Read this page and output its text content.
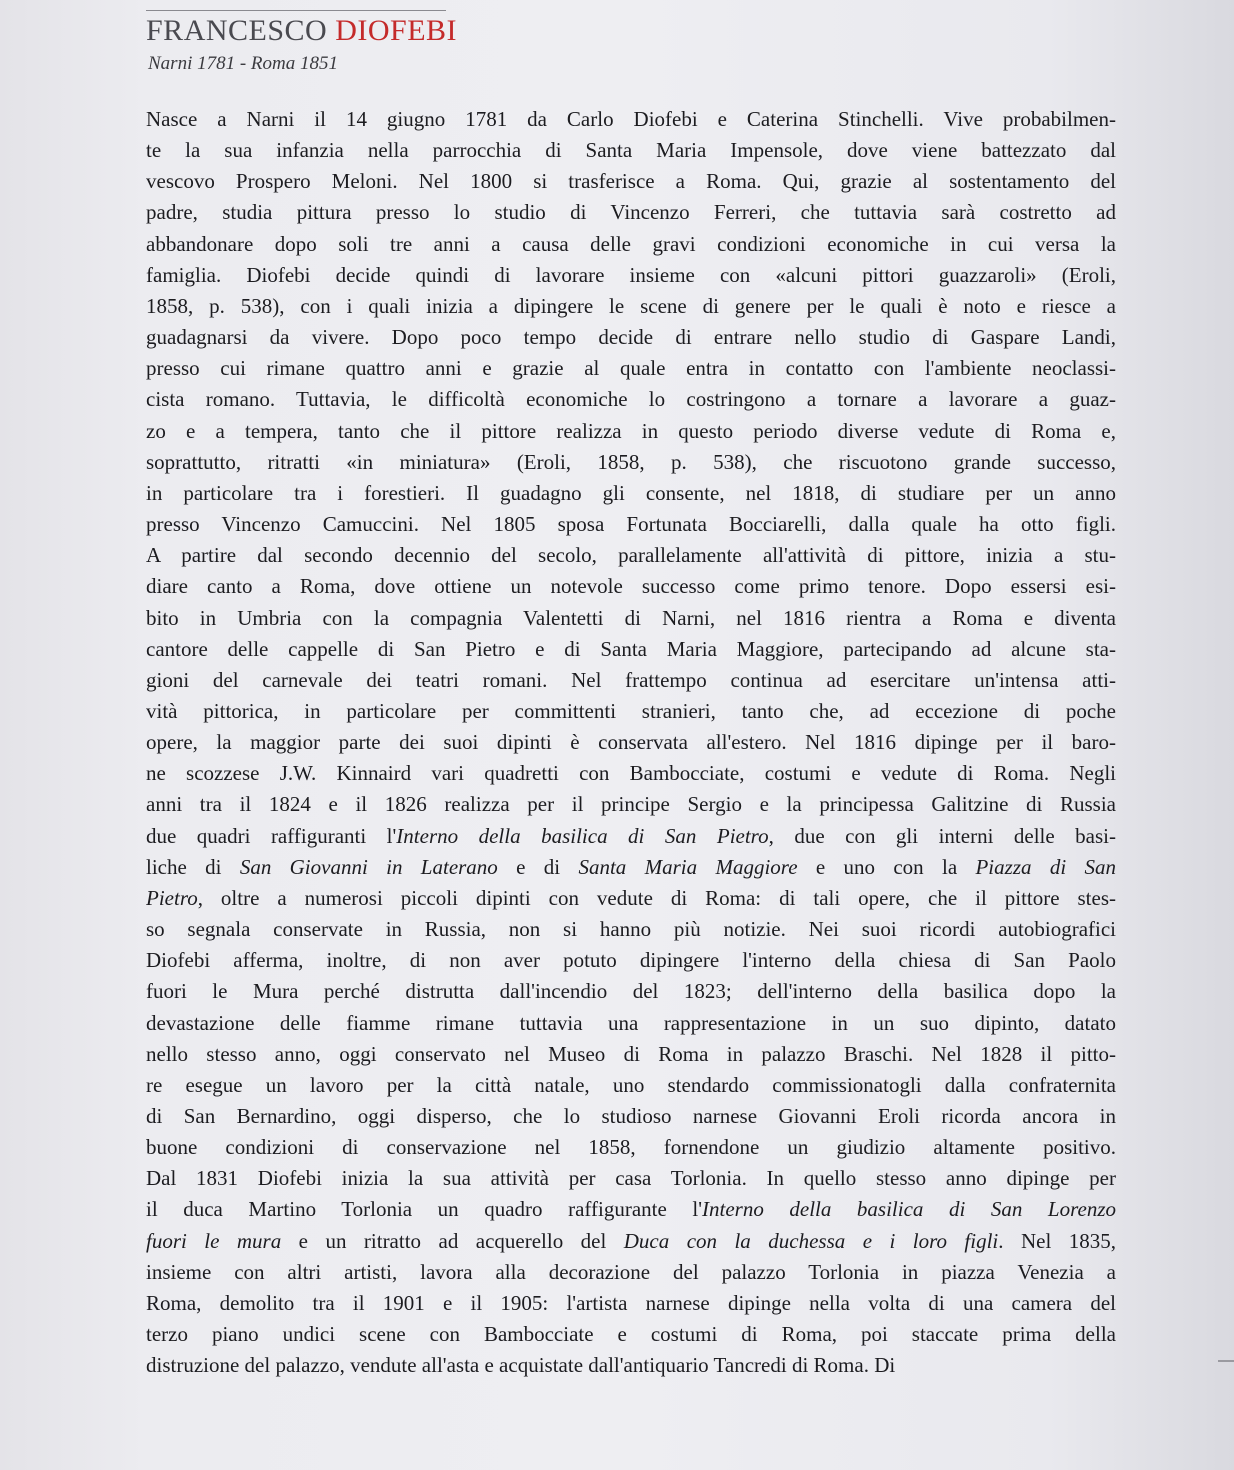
FRANCESCO DIOFEBI
Narni 1781 - Roma 1851
Nasce a Narni il 14 giugno 1781 da Carlo Diofebi e Caterina Stinchelli. Vive probabilmen-
te la sua infanzia nella parrocchia di Santa Maria Impensole, dove viene battezzato dal
vescovo Prospero Meloni. Nel 1800 si trasferisce a Roma. Qui, grazie al sostentamento del
padre, studia pittura presso lo studio di Vincenzo Ferreri, che tuttavia sarà costretto ad
abbandonare dopo soli tre anni a causa delle gravi condizioni economiche in cui versa la
famiglia. Diofebi decide quindi di lavorare insieme con «alcuni pittori guazzaroli» (Eroli,
1858, p. 538), con i quali inizia a dipingere le scene di genere per le quali è noto e riesce a
guadagnarsi da vivere. Dopo poco tempo decide di entrare nello studio di Gaspare Landi,
presso cui rimane quattro anni e grazie al quale entra in contatto con l'ambiente neoclassi-
cista romano. Tuttavia, le difficoltà economiche lo costringono a tornare a lavorare a guaz-
zo e a tempera, tanto che il pittore realizza in questo periodo diverse vedute di Roma e,
soprattutto, ritratti «in miniatura» (Eroli, 1858, p. 538), che riscuotono grande successo,
in particolare tra i forestieri. Il guadagno gli consente, nel 1818, di studiare per un anno
presso Vincenzo Camuccini. Nel 1805 sposa Fortunata Bocciarelli, dalla quale ha otto figli.
A partire dal secondo decennio del secolo, parallelamente all'attività di pittore, inizia a stu-
diare canto a Roma, dove ottiene un notevole successo come primo tenore. Dopo essersi esi-
bito in Umbria con la compagnia Valentetti di Narni, nel 1816 rientra a Roma e diventa
cantore delle cappelle di San Pietro e di Santa Maria Maggiore, partecipando ad alcune sta-
gioni del carnevale dei teatri romani. Nel frattempo continua ad esercitare un'intensa atti-
vità pittorica, in particolare per committenti stranieri, tanto che, ad eccezione di poche
opere, la maggior parte dei suoi dipinti è conservata all'estero. Nel 1816 dipinge per il baro-
ne scozzese J.W. Kinnaird vari quadretti con Bambocciate, costumi e vedute di Roma. Negli
anni tra il 1824 e il 1826 realizza per il principe Sergio e la principessa Galitzine di Russia
due quadri raffiguranti l'Interno della basilica di San Pietro, due con gli interni delle basi-
liche di San Giovanni in Laterano e di Santa Maria Maggiore e uno con la Piazza di San
Pietro, oltre a numerosi piccoli dipinti con vedute di Roma: di tali opere, che il pittore stes-
so segnala conservate in Russia, non si hanno più notizie. Nei suoi ricordi autobiografici
Diofebi afferma, inoltre, di non aver potuto dipingere l'interno della chiesa di San Paolo
fuori le Mura perché distrutta dall'incendio del 1823; dell'interno della basilica dopo la
devastazione delle fiamme rimane tuttavia una rappresentazione in un suo dipinto, datato
nello stesso anno, oggi conservato nel Museo di Roma in palazzo Braschi. Nel 1828 il pitto-
re esegue un lavoro per la città natale, uno stendardo commissionatogli dalla confraternita
di San Bernardino, oggi disperso, che lo studioso narnese Giovanni Eroli ricorda ancora in
buone condizioni di conservazione nel 1858, fornendone un giudizio altamente positivo.
Dal 1831 Diofebi inizia la sua attività per casa Torlonia. In quello stesso anno dipinge per
il duca Martino Torlonia un quadro raffigurante l'Interno della basilica di San Lorenzo
fuori le mura e un ritratto ad acquerello del Duca con la duchessa e i loro figli. Nel 1835,
insieme con altri artisti, lavora alla decorazione del palazzo Torlonia in piazza Venezia a
Roma, demolito tra il 1901 e il 1905: l'artista narnese dipinge nella volta di una camera del
terzo piano undici scene con Bambocciate e costumi di Roma, poi staccate prima della
distruzione del palazzo, vendute all'asta e acquistate dall'antiquario Tancredi di Roma. Di
